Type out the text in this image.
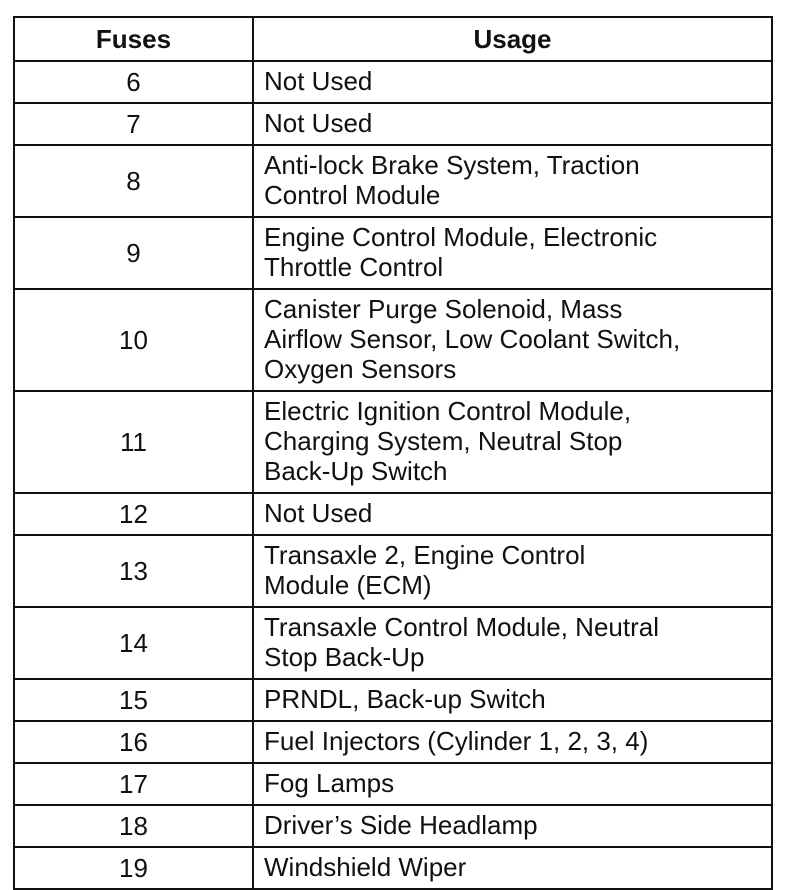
Fuses	Usage
6	Not Used
7	Not Used
8	Anti-lock Brake System, Traction
Control Module
9	Engine Control Module, Electronic
Throttle Control
10	Canister Purge Solenoid, Mass
Airflow Sensor, Low Coolant Switch,
Oxygen Sensors
11	Electric Ignition Control Module,
Charging System, Neutral Stop
Back-Up Switch
12	Not Used
13	Transaxle 2, Engine Control
Module (ECM)
14	Transaxle Control Module, Neutral
Stop Back-Up
15	PRNDL, Back-up Switch
16	Fuel Injectors (Cylinder 1, 2, 3, 4)
17	Fog Lamps
18	Driver’s Side Headlamp
19	Windshield Wiper
